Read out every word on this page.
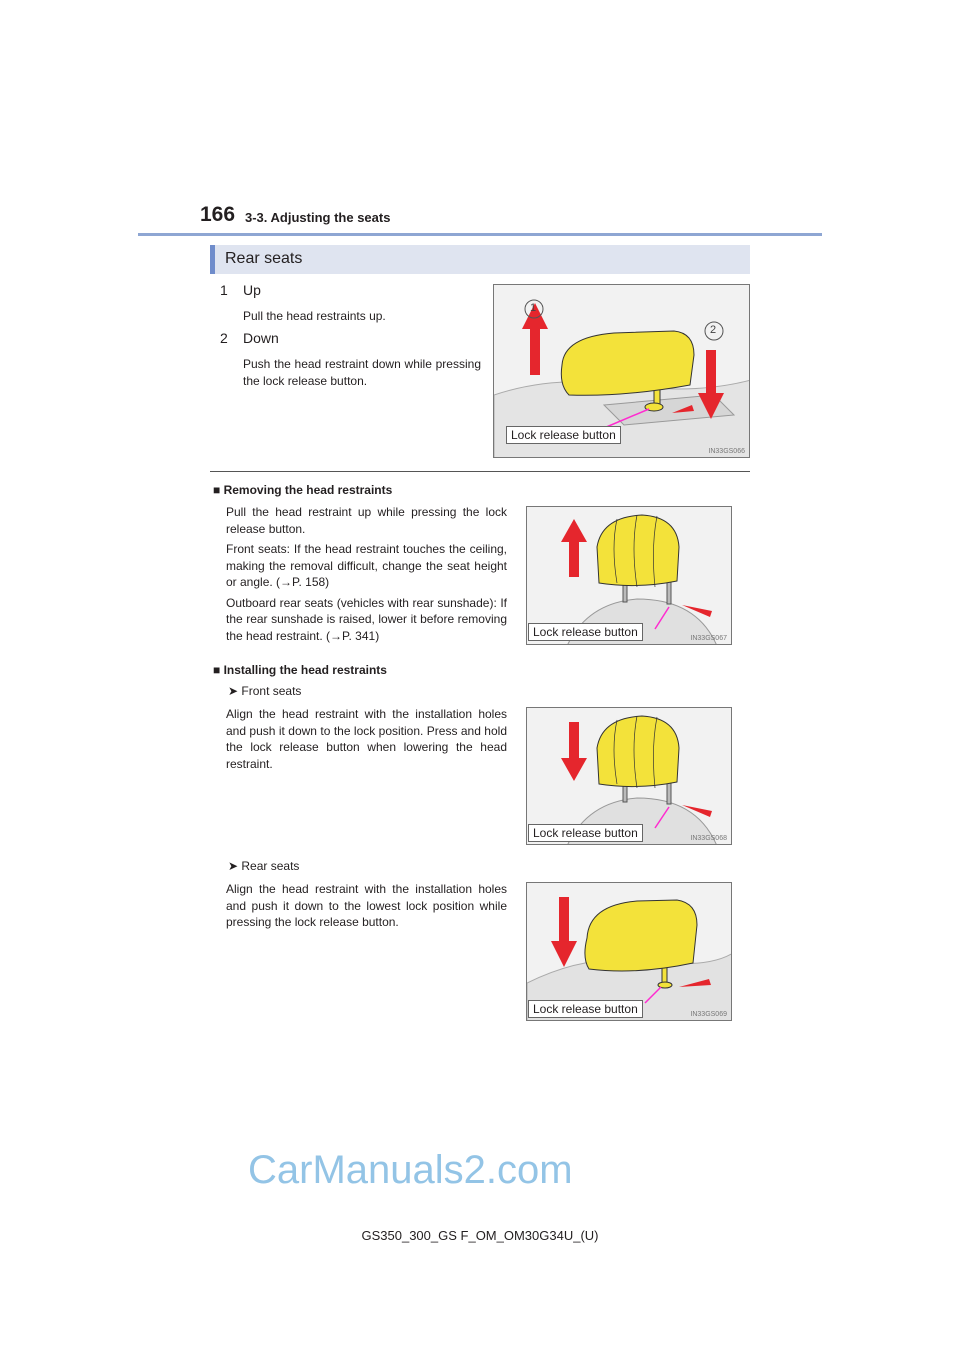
166 3-3. Adjusting the seats
Rear seats
1 Up
Pull the head restraints up.
2 Down
Push the head restraint down while pressing the lock release button.
1
2
Lock release button
IN33GS066
■ Removing the head restraints
Pull the head restraint up while pressing the lock release button.
Front seats: If the head restraint touches the ceiling, making the removal difficult, change the seat height or angle. (→P. 158)
Outboard rear seats (vehicles with rear sunshade): If the rear sunshade is raised, lower it before removing the head restraint. (→P. 341)	Lock release button	IN33GS067
■ Installing the head restraints
➤ Front seats
Align the head restraint with the installation holes and push it down to the lock position. Press and hold the lock release button when lowering the head restraint.
Lock release button	IN33GS068
➤ Rear seats
Align the head restraint with the installation holes and push it down to the lowest lock position while pressing the lock release button.
Lock release button	IN33GS069
CarManuals2.com
GS350_300_GS F_OM_OM30G34U_(U)
